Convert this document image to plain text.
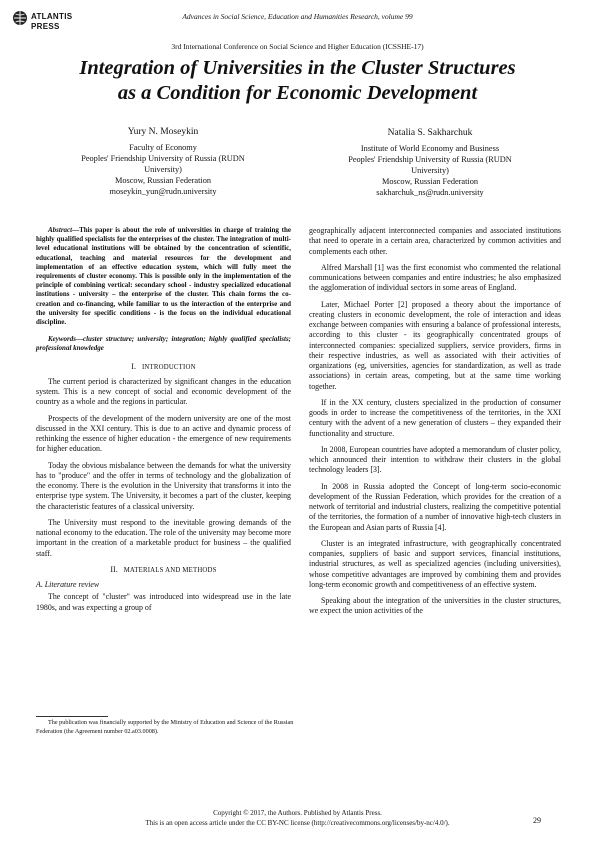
ATLANTIS
PRESS
Advances in Social Science, Education and Humanities Research, volume 99
3rd International Conference on Social Science and Higher Education (ICSSHE-17)
Integration of Universities in the Cluster Structures
as a Condition for Economic Development
Yury N. Moseykin
Faculty of Economy
Peoples' Friendship University of Russia (RUDN
University)
Moscow, Russian Federation
moseykin_yun@rudn.university
Natalia S. Sakharchuk
Institute of World Economy and Business
Peoples' Friendship University of Russia (RUDN
University)
Moscow, Russian Federation
sakharchuk_ns@rudn.university

Abstract—This paper is about the role of universities in charge of training the highly qualified specialists for the enterprises of the cluster. The integration of multi-level educational institutions will be obtained by the concentration of scientific, educational, teaching and material resources for the development and implementation of an effective education system, which will fully meet the requirements of cluster economy. This is possible only in the implementation of the principle of combining vertical: secondary school - industry specialized educational institutions - university – the enterprise of the cluster. This chain forms the co-creation and co-financing, while familiar to us the interaction of the enterprise and the university for specific conditions - is the focus on the individual educational discipline.

Keywords—cluster structure; university; integration; highly qualified specialists; professional knowledge

I. INTRODUCTION

The current period is characterized by significant changes in the education system. This is a new concept of social and economic development of the country as a whole and the regions in particular.

Prospects of the development of the modern university are one of the most discussed in the XXI century. This is due to an active and dynamic process of rethinking the essence of higher education - the emergence of new requirements for higher education.

Today the obvious misbalance between the demands for what the university has to "produce" and the offer in terms of technology and the globalization of the economy. There is the evolution in the University that transforms it into the enterprise type system. The University, it becomes a part of the cluster, keeping the characteristic features of a classical university.

The University must respond to the inevitable growing demands of the national economy to the education. The role of the university may become more important in the creation of a marketable product for business – the qualified staff.

II. MATERIALS AND METHODS
A. Literature review

The concept of "cluster" was introduced into widespread use in the late 1980s, and was expecting a group of

The publication was financially supported by the Ministry of Education and Science of the Russian Federation (the Agreement number 02.a03.0008).

geographically adjacent interconnected companies and associated institutions that need to operate in a certain area, characterized by common activities and complements each other.

Alfred Marshall [1] was the first economist who commented the relational communications between companies and entire industries; he also emphasized the agglomeration of individual sectors in some areas of England.

Later, Michael Porter [2] proposed a theory about the importance of creating clusters in economic development, the role of interaction and ideas exchange between companies with ensuring a balance of professional interests, according to this cluster - its geographically concentrated groups of interconnected companies: specialized suppliers, service providers, firms in their respective industries, as well as associated with their activities of organizations (eg, universities, agencies for standardization, as well as trade associations) in certain areas, competing, but at the same time working together.

If in the XX century, clusters specialized in the production of consumer goods in order to increase the competitiveness of the territories, in the XXI century with the advent of a new generation of clusters – they expanded their functionality and structure.

In 2008, European countries have adopted a memorandum of cluster policy, which announced their intention to withdraw their clusters in the global technology leaders [3].

In 2008 in Russia adopted the Concept of long-term socio-economic development of the Russian Federation, which provides for the creation of a network of territorial and industrial clusters, realizing the competitive potential of the territories, the formation of a number of innovative high-tech clusters in the European and Asian parts of Russia [4].

Cluster is an integrated infrastructure, with geographically concentrated companies, suppliers of basic and support services, financial institutions, industrial structures, as well as specialized agencies (including universities), whose competitive advantages are improved by combining them and provides long-term economic growth and competitiveness of an effective system.

Speaking about the integration of the universities in the cluster structures, we expect the union activities of the

Copyright © 2017, the Authors. Published by Atlantis Press.
This is an open access article under the CC BY-NC license (http://creativecommons.org/licenses/by-nc/4.0/).	29
